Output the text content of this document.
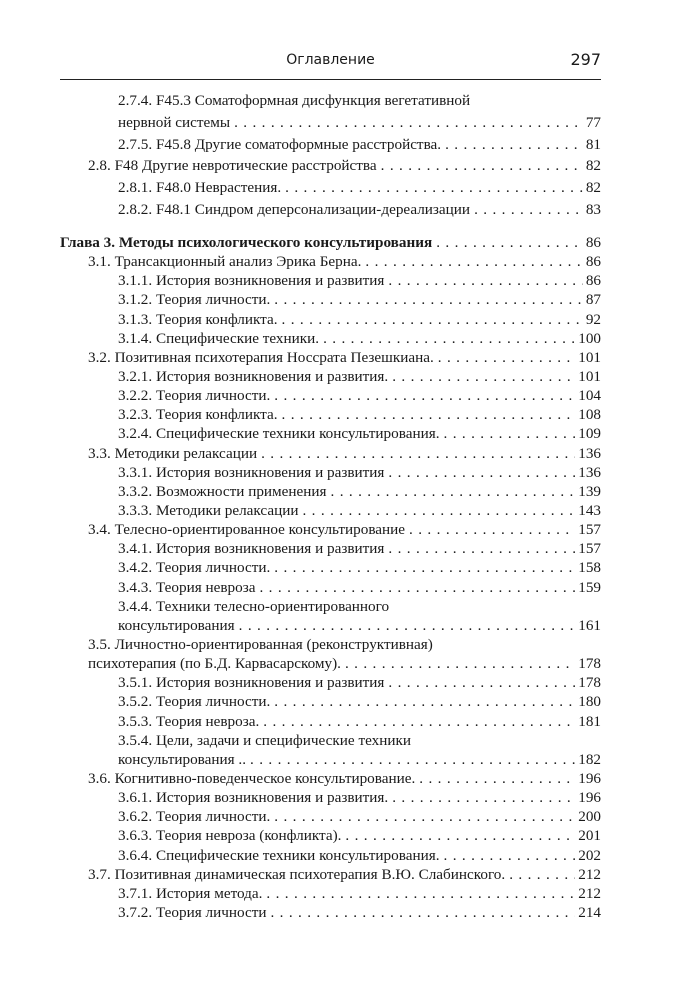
Оглавление	297
2.7.4. F45.3 Соматоформная дисфункция вегетативной
нервной системы . . .	77
2.7.5. F45.8 Другие соматоформные расстройства. . . .	81
2.8. F48 Другие невротические расстройства . . .	82
2.8.1. F48.0 Неврастения. . . .	82
2.8.2. F48.1 Синдром деперсонализации-дереализации . . .	83
Глава 3. Методы психологического консультирования . . .	86
3.1. Трансакционный анализ Эрика Берна. . . .	86
3.1.1. История возникновения и развития . . .	86
3.1.2. Теория личности. . . .	87
3.1.3. Теория конфликта. . . .	92
3.1.4. Специфические техники. . . .	100
3.2. Позитивная психотерапия Носсрата Пезешкиана. . . .	101
3.2.1. История возникновения и развития. . . .	101
3.2.2. Теория личности. . . .	104
3.2.3. Теория конфликта. . . .	108
3.2.4. Специфические техники консультирования. . . .	109
3.3. Методики релаксации . . .	136
3.3.1. История возникновения и развития . . .	136
3.3.2. Возможности применения . . .	139
3.3.3. Методики релаксации . . .	143
3.4. Телесно-ориентированное консультирование . . .	157
3.4.1. История возникновения и развития . . .	157
3.4.2. Теория личности. . . .	158
3.4.3. Теория невроза . . .	159
3.4.4. Техники телесно-ориентированного
консультирования . . .	161
3.5. Личностно-ориентированная (реконструктивная)
психотерапия (по Б.Д. Карвасарскому). . . .	178
3.5.1. История возникновения и развития . . .	178
3.5.2. Теория личности. . . .	180
3.5.3. Теория невроза. . . .	181
3.5.4. Цели, задачи и специфические техники
консультирования .. . . .	182
3.6. Когнитивно-поведенческое консультирование. . . .	196
3.6.1. История возникновения и развития. . . .	196
3.6.2. Теория личности. . . .	200
3.6.3. Теория невроза (конфликта). . . .	201
3.6.4. Специфические техники консультирования. . . .	202
3.7. Позитивная динамическая психотерапия В.Ю. Слабинского. . . .	212
3.7.1. История метода. . . .	212
3.7.2. Теория личности . . .	214
